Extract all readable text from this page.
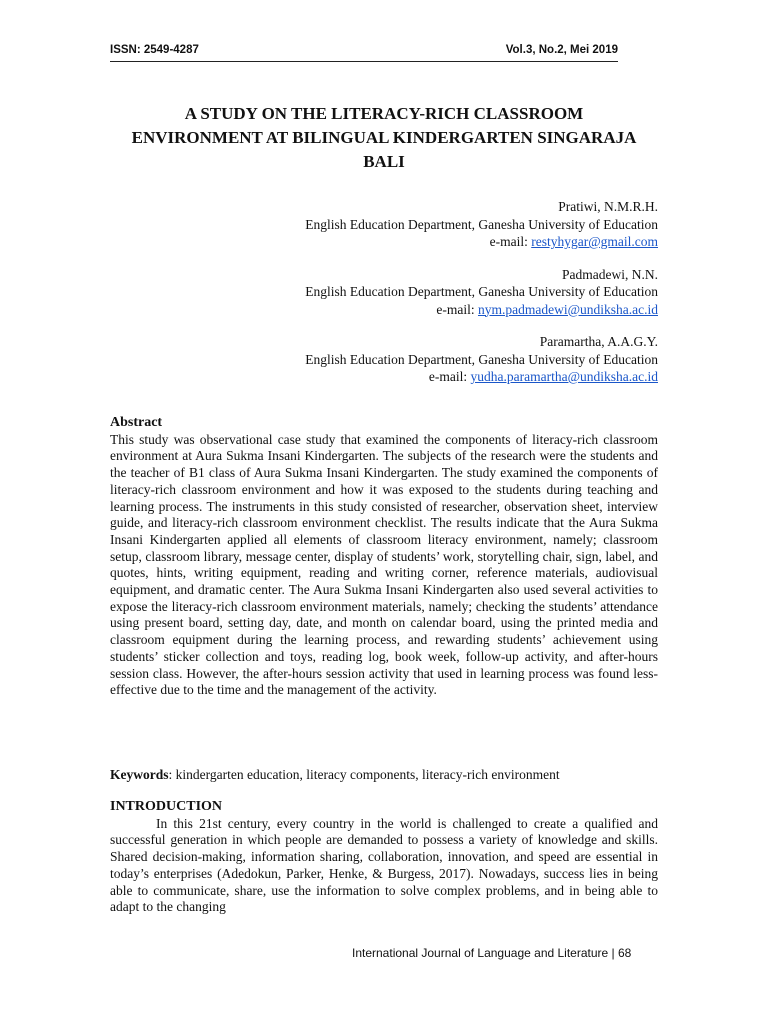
ISSN: 2549-4287	Vol.3, No.2, Mei 2019
A STUDY ON THE LITERACY-RICH CLASSROOM
ENVIRONMENT AT BILINGUAL KINDERGARTEN SINGARAJA
BALI
Pratiwi, N.M.R.H.
English Education Department, Ganesha University of Education
e-mail: restyhygar@gmail.com
Padmadewi, N.N.
English Education Department, Ganesha University of Education
e-mail: nym.padmadewi@undiksha.ac.id
Paramartha, A.A.G.Y.
English Education Department, Ganesha University of Education
e-mail: yudha.paramartha@undiksha.ac.id
Abstract

This study was observational case study that examined the components of literacy-rich classroom environment at Aura Sukma Insani Kindergarten. The subjects of the research were the students and the teacher of B1 class of Aura Sukma Insani Kindergarten. The study examined the components of literacy-rich classroom environment and how it was exposed to the students during teaching and learning process. The instruments in this study consisted of researcher, observation sheet, interview guide, and literacy-rich classroom environment checklist. The results indicate that the Aura Sukma Insani Kindergarten applied all elements of classroom literacy environment, namely; classroom setup, classroom library, message center, display of students’ work, storytelling chair, sign, label, and quotes, hints, writing equipment, reading and writing corner, reference materials, audiovisual equipment, and dramatic center. The Aura Sukma Insani Kindergarten also used several activities to expose the literacy-rich classroom environment materials, namely; checking the students’ attendance using present board, setting day, date, and month on calendar board, using the printed media and classroom equipment during the learning process, and rewarding students’ achievement using students’ sticker collection and toys, reading log, book week, follow-up activity, and after-hours session class. However, the after-hours session activity that used in learning process was found less-effective due to the time and the management of the activity.

Keywords: kindergarten education, literacy components, literacy-rich environment
INTRODUCTION

In this 21st century, every country in the world is challenged to create a qualified and successful generation in which people are demanded to possess a variety of knowledge and skills. Shared decision-making, information sharing, collaboration, innovation, and speed are essential in today’s enterprises (Adedokun, Parker, Henke, & Burgess, 2017). Nowadays, success lies in being able to communicate, share, use the information to solve complex problems, and in being able to adapt to the changing

International Journal of Language and Literature | 68
